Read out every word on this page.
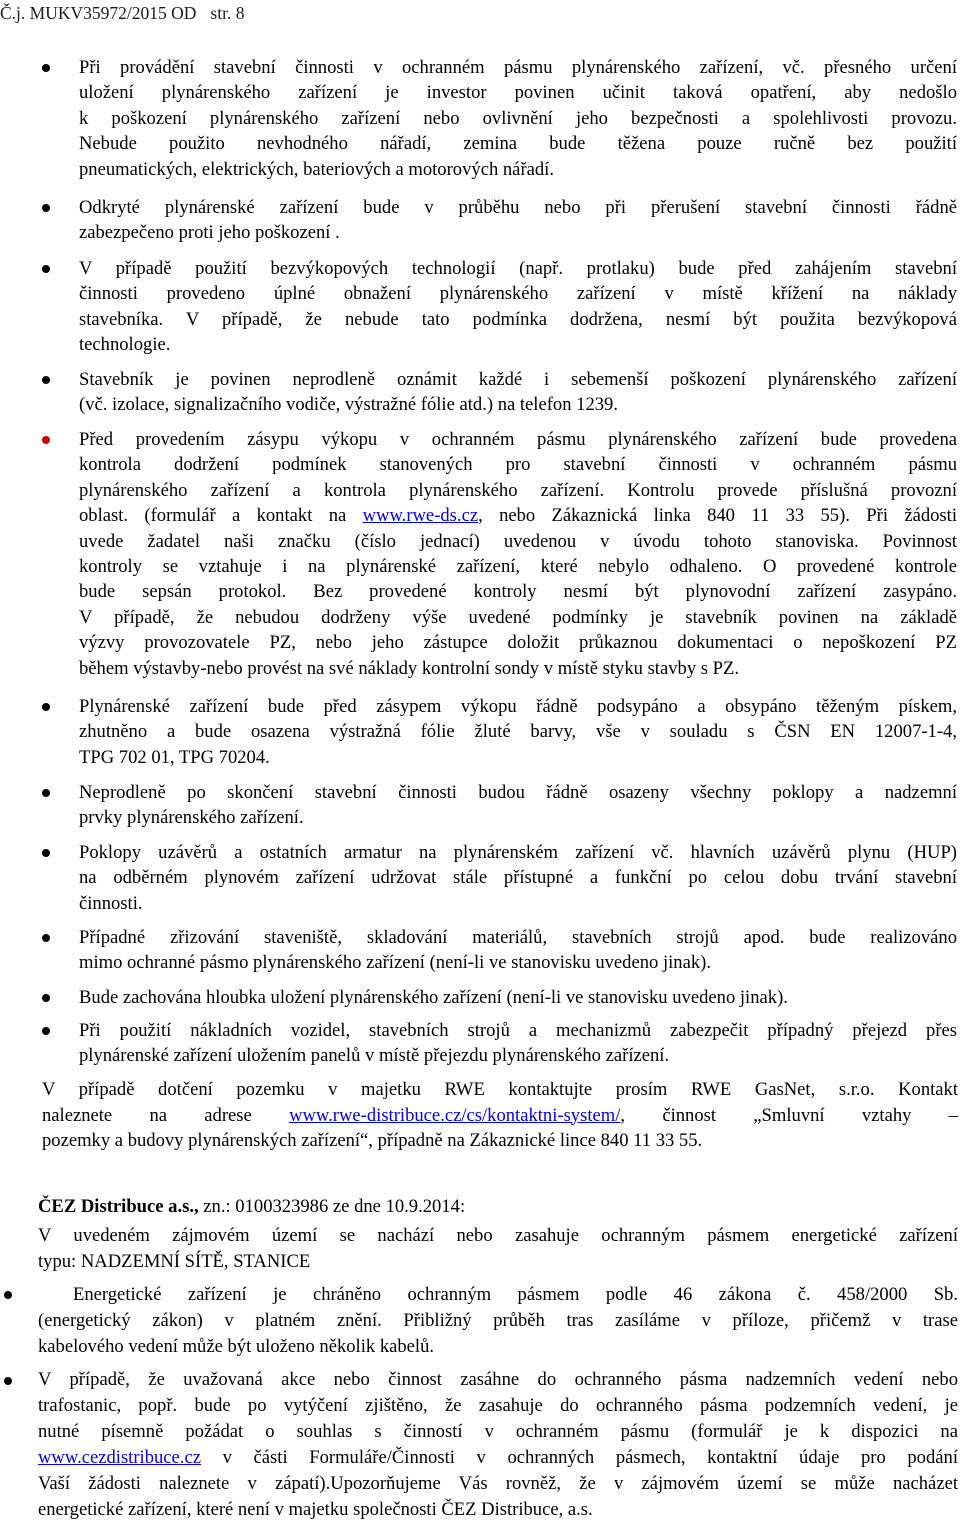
Č.j. MUKV35972/2015 OD str. 8

Při provádění stavební činnosti v ochranném pásmu plynárenského zařízení, vč. přesného určení

uložení plynárenského zařízení je investor povinen učinit taková opatření, aby nedošlo

k poškození plynárenského zařízení nebo ovlivnění jeho bezpečnosti a spolehlivosti provozu.

Nebude použito nevhodného nářadí, zemina bude těžena pouze ručně bez použití

pneumatických, elektrických, bateriových a motorových nářadí.

Odkryté plynárenské zařízení bude v průběhu nebo při přerušení stavební činnosti řádně

zabezpečeno proti jeho poškození .

V případě použití bezvýkopových technologií (např. protlaku) bude před zahájením stavební

činnosti provedeno úplné obnažení plynárenského zařízení v místě křížení na náklady

stavebníka. V případě, že nebude tato podmínka dodržena, nesmí být použita bezvýkopová

technologie.

Stavebník je povinen neprodleně oznámit každé i sebemenší poškození plynárenského zařízení

(vč. izolace, signalizačního vodiče, výstražné fólie atd.) na telefon 1239.

Před provedením zásypu výkopu v ochranném pásmu plynárenského zařízení bude provedena

kontrola dodržení podmínek stanovených pro stavební činnosti v ochranném pásmu

plynárenského zařízení a kontrola plynárenského zařízení. Kontrolu provede příslušná provozní

oblast. (formulář a kontakt na www.rwe-ds.cz, nebo Zákaznická linka 840 11 33 55). Při žádosti

uvede žadatel naši značku (číslo jednací) uvedenou v úvodu tohoto stanoviska. Povinnost

kontroly se vztahuje i na plynárenské zařízení, které nebylo odhaleno. O provedené kontrole

bude sepsán protokol. Bez provedené kontroly nesmí být plynovodní zařízení zasypáno.

V případě, že nebudou dodrženy výše uvedené podmínky je stavebník povinen na základě

výzvy provozovatele PZ, nebo jeho zástupce doložit průkaznou dokumentaci o nepoškození PZ

během výstavby-nebo provést na své náklady kontrolní sondy v místě styku stavby s PZ.

Plynárenské zařízení bude před zásypem výkopu řádně podsypáno a obsypáno těženým pískem,

zhutněno a bude osazena výstražná fólie žluté barvy, vše v souladu s ČSN EN 12007-1-4,

TPG 702 01, TPG 70204.

Neprodleně po skončení stavební činnosti budou řádně osazeny všechny poklopy a nadzemní

prvky plynárenského zařízení.

Poklopy uzávěrů a ostatních armatur na plynárenském zařízení vč. hlavních uzávěrů plynu (HUP)

na odběrném plynovém zařízení udržovat stále přístupné a funkční po celou dobu trvání stavební

činnosti.

Případné zřizování staveniště, skladování materiálů, stavebních strojů apod. bude realizováno

mimo ochranné pásmo plynárenského zařízení (není-li ve stanovisku uvedeno jinak).

Bude zachována hloubka uložení plynárenského zařízení (není-li ve stanovisku uvedeno jinak).

Při použití nákladních vozidel, stavebních strojů a mechanizmů zabezpečit případný přejezd přes

plynárenské zařízení uložením panelů v místě přejezdu plynárenského zařízení.

V případě dotčení pozemku v majetku RWE kontaktujte prosím RWE GasNet, s.r.o. Kontakt

naleznete na adrese www.rwe-distribuce.cz/cs/kontaktni-system/, činnost „Smluvní vztahy –

pozemky a budovy plynárenských zařízení“, případně na Zákaznické lince 840 11 33 55.

ČEZ Distribuce a.s., zn.: 0100323986 ze dne 10.9.2014:

V uvedeném zájmovém území se nachází nebo zasahuje ochranným pásmem energetické zařízení

typu: NADZEMNÍ SÍTĚ, STANICE

Energetické zařízení je chráněno ochranným pásmem podle 46 zákona č. 458/2000 Sb.

(energetický zákon) v platném znění. Přibližný průběh tras zasíláme v příloze, přičemž v trase

kabelového vedení může být uloženo několik kabelů.

V případě, že uvažovaná akce nebo činnost zasáhne do ochranného pásma nadzemních vedení nebo

trafostanic, popř. bude po vytýčení zjištěno, že zasahuje do ochranného pásma podzemních vedení, je

nutné písemně požádat o souhlas s činností v ochranném pásmu (formulář je k dispozici na

www.cezdistribuce.cz v části Formuláře/Činnosti v ochranných pásmech, kontaktní údaje pro podání

Vaší žádosti naleznete v zápatí).Upozorňujeme Vás rovněž, že v zájmovém území se může nacházet

energetické zařízení, které není v majetku společnosti ČEZ Distribuce, a.s.
